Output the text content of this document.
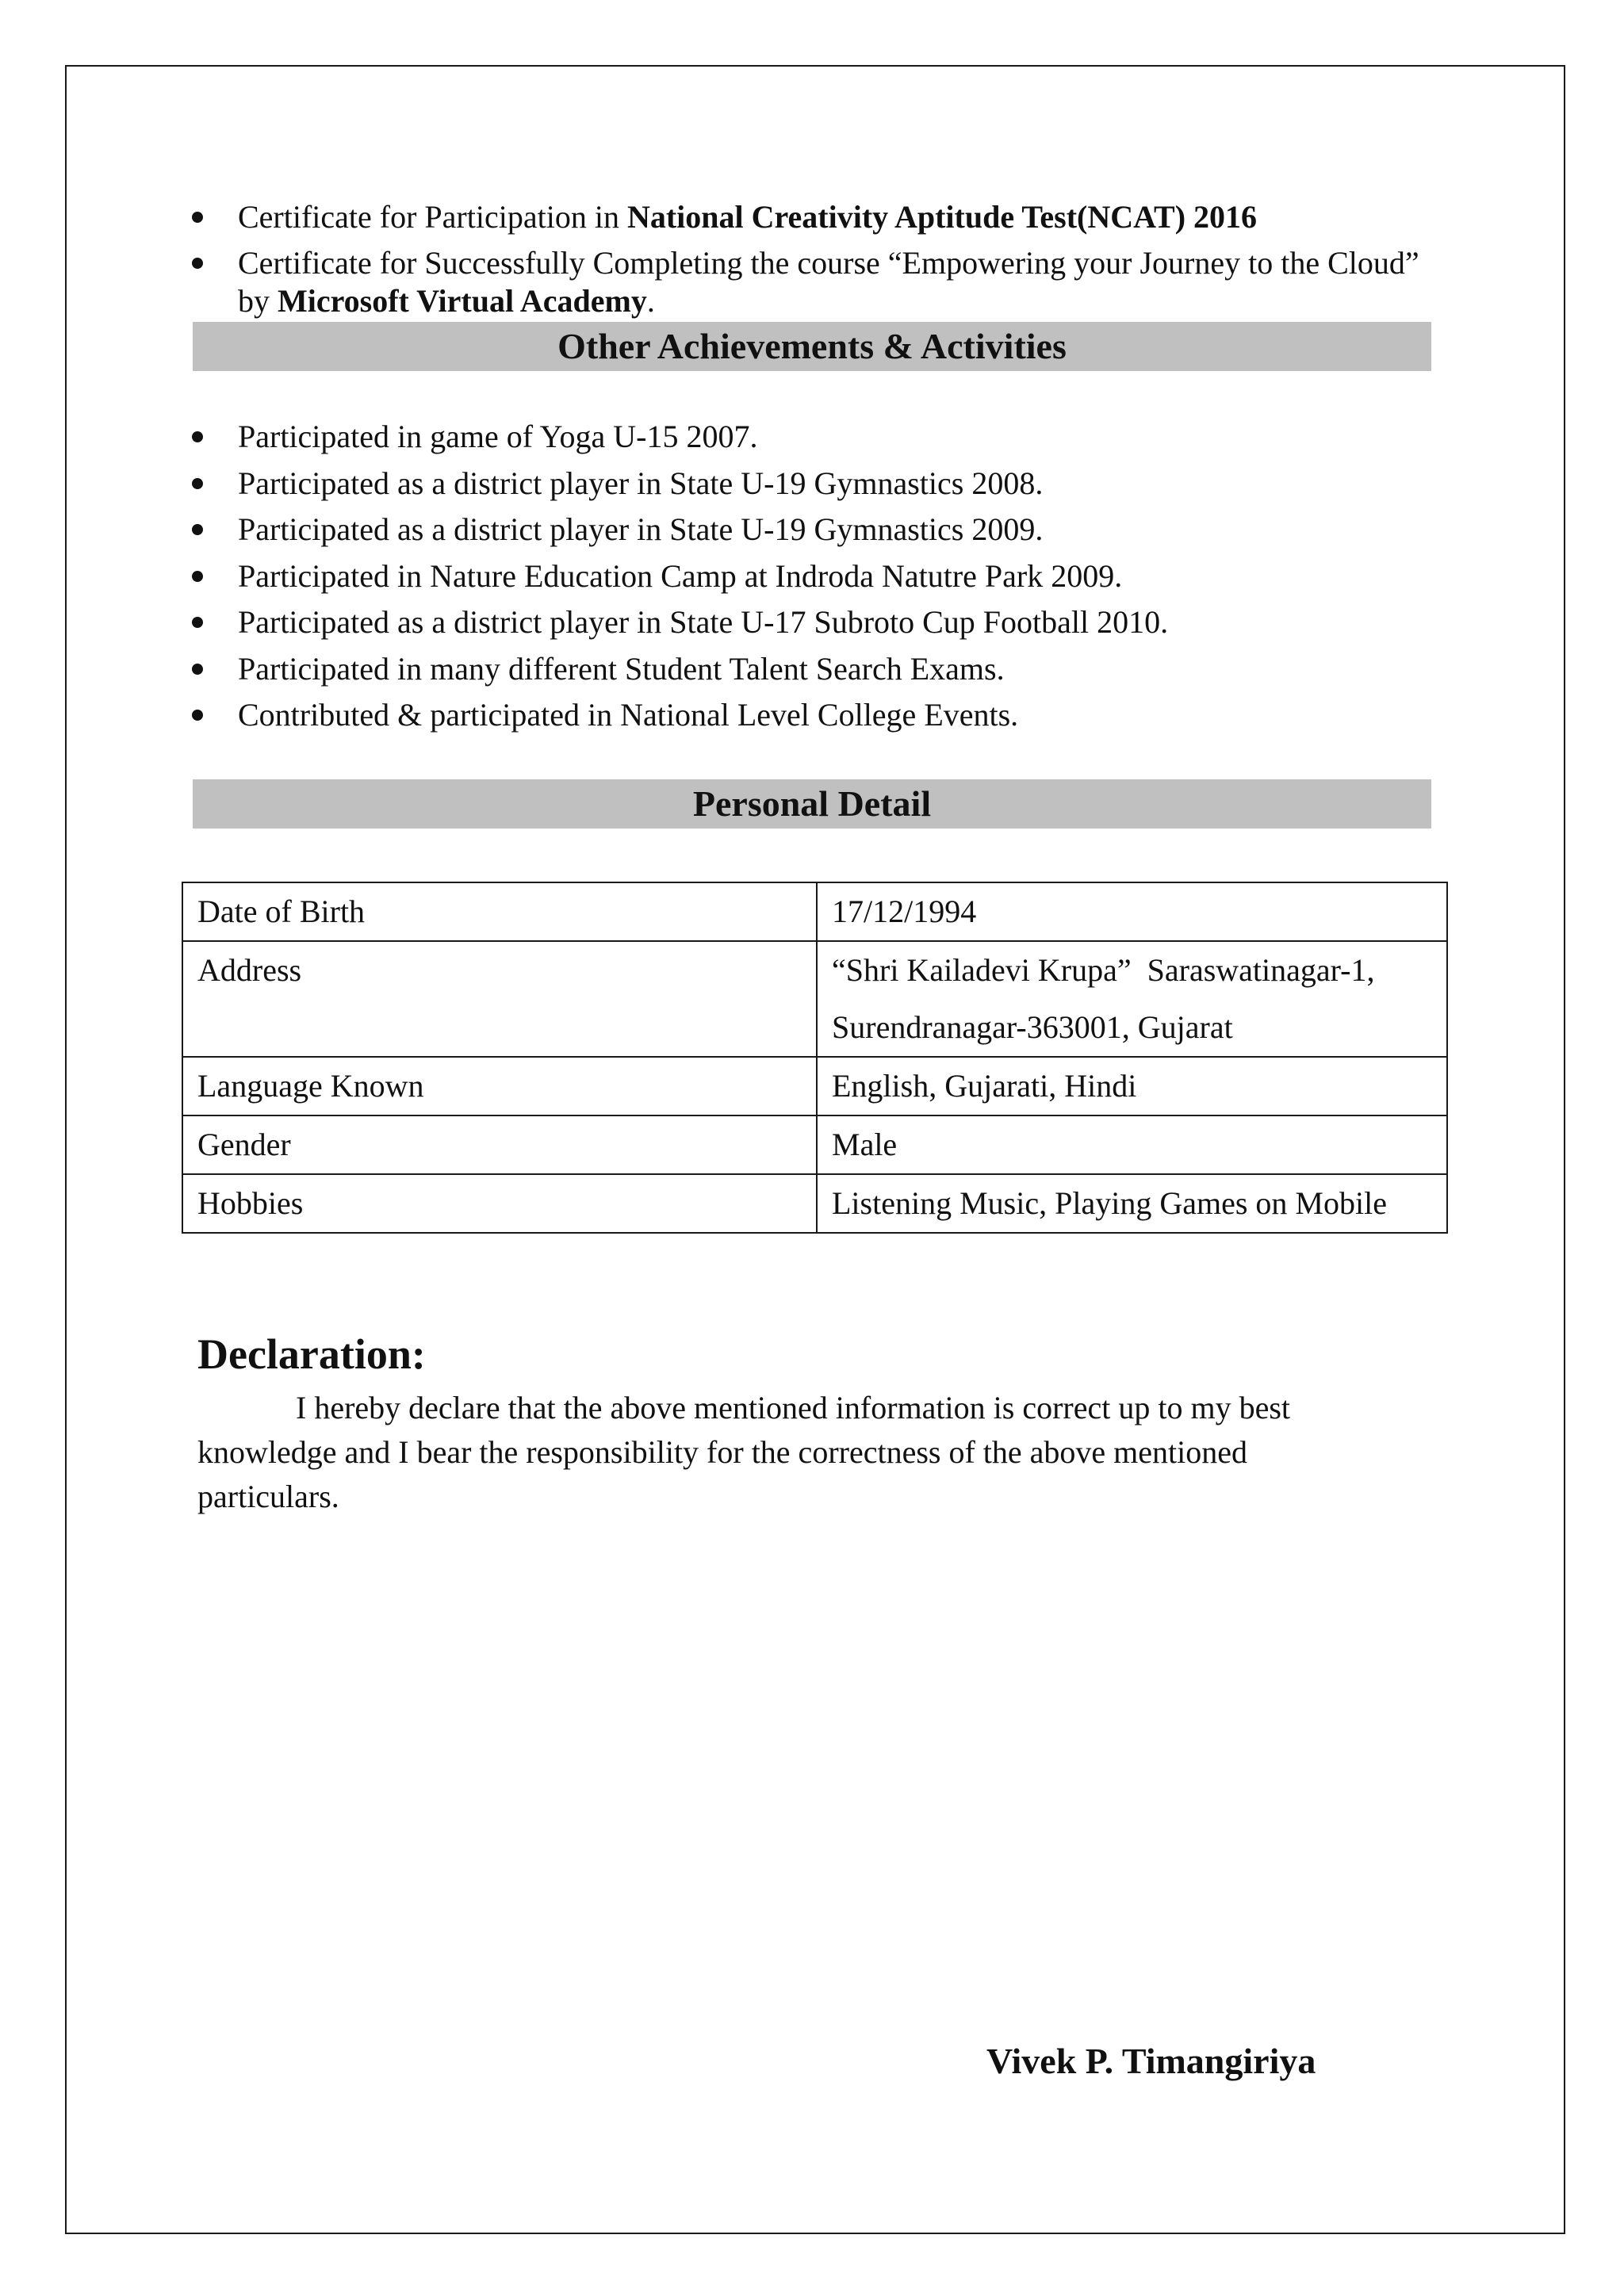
Certificate for Participation in National Creativity Aptitude Test(NCAT) 2016
Certificate for Successfully Completing the course “Empowering your Journey to the Cloud” by Microsoft Virtual Academy.
Other Achievements & Activities
Participated in game of Yoga U-15 2007.
Participated as a district player in State U-19 Gymnastics 2008.
Participated as a district player in State U-19 Gymnastics 2009.
Participated in Nature Education Camp at Indroda Natutre Park 2009.
Participated as a district player in State U-17 Subroto Cup Football 2010.
Participated in many different Student Talent Search Exams.
Contributed & participated in National Level College Events.
Personal Detail
Date of Birth	17/12/1994

Address	“Shri Kailadevi Krupa”  Saraswatinagar-1,
Surendranagar-363001, Gujarat

Language Known	English, Gujarati, Hindi

Gender	Male

Hobbies	Listening Music, Playing Games on Mobile
Declaration:

I hereby declare that the above mentioned information is correct up to my best knowledge and I bear the responsibility for the correctness of the above mentioned particulars.

Vivek P. Timangiriya
